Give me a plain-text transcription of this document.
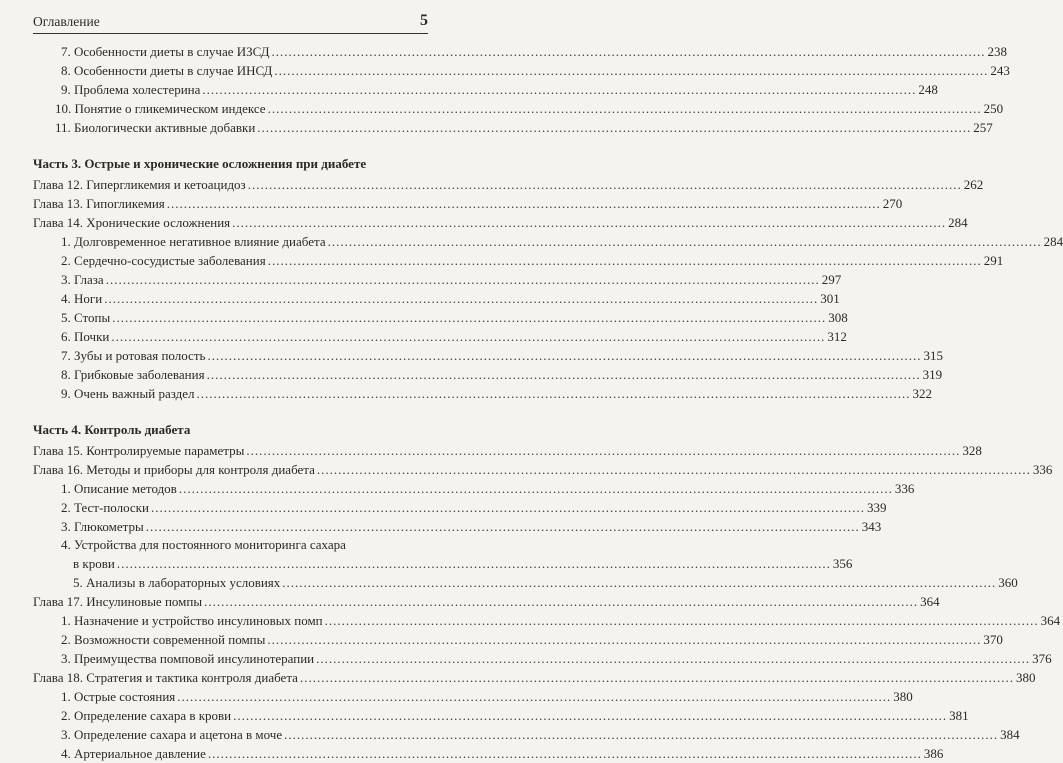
Оглавление	5
7. Особенности диеты в случае ИЗСД .....	238
8. Особенности диеты в случае ИНСД .....	243
9. Проблема холестерина .....	248
10. Понятие о гликемическом индексе .....	250
11. Биологически активные добавки .....	257
Часть 3. Острые и хронические осложнения при диабете
Глава 12. Гипергликемия и кетоацидоз .....	262
Глава 13. Гипогликемия .....	270
Глава 14. Хронические осложнения .....	284
1. Долговременное негативное влияние диабета .....	284
2. Сердечно-сосудистые заболевания .....	291
3. Глаза .....	297
4. Ноги .....	301
5. Стопы .....	308
6. Почки .....	312
7. Зубы и ротовая полость .....	315
8. Грибковые заболевания .....	319
9. Очень важный раздел .....	322
Часть 4. Контроль диабета
Глава 15. Контролируемые параметры .....	328
Глава 16. Методы и приборы для контроля диабета .....	336
1. Описание методов .....	336
2. Тест-полоски .....	339
3. Глюкометры .....	343
4. Устройства для постоянного мониторинга сахара
в крови .....	356
5. Анализы в лабораторных условиях .....	360
Глава 17. Инсулиновые помпы .....	364
1. Назначение и устройство инсулиновых помп .....	364
2. Возможности современной помпы .....	370
3. Преимущества помповой инсулинотерапии .....	376
Глава 18. Стратегия и тактика контроля диабета .....	380
1. Острые состояния .....	380
2. Определение сахара в крови .....	381
3. Определение сахара и ацетона в моче .....	384
4. Артериальное давление .....	386
